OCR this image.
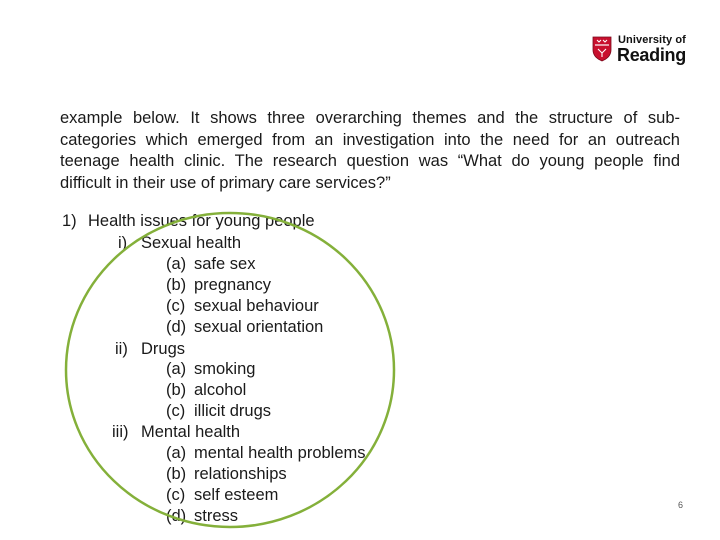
University of
Reading
example below. It shows three overarching themes and the structure of sub-
categories which emerged from an investigation into the need for an outreach
teenage health clinic. The research question was “What do young people find
difficult in their use of primary care services?”
1) Health issues for young people
i) Sexual health
(a) safe sex
(b) pregnancy
(c) sexual behaviour
(d) sexual orientation
ii) Drugs
(a) smoking
(b) alcohol
(c) illicit drugs
iii) Mental health
(a) mental health problems
(b) relationships
(c) self esteem
(d) stress
6
